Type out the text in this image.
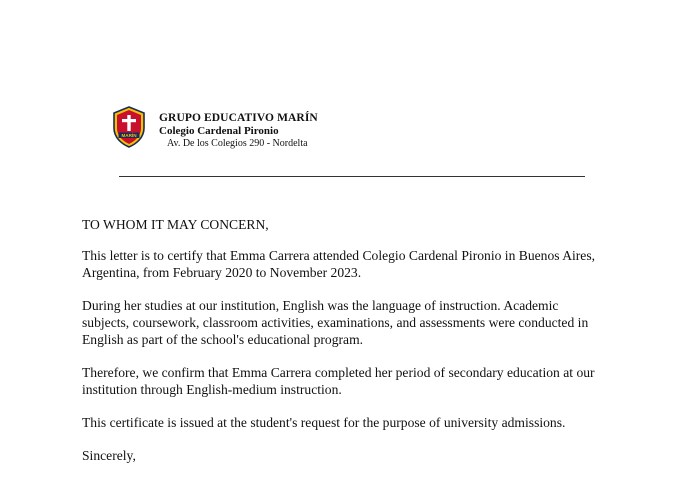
MARÍN
GRUPO EDUCATIVO MARÍN
Colegio Cardenal Pironio
Av. De los Colegios 290 - Nordelta

TO WHOM IT MAY CONCERN,

This letter is to certify that Emma Carrera attended Colegio Cardenal Pironio in Buenos Aires, Argentina, from February 2020 to November 2023.

During her studies at our institution, English was the language of instruction. Academic subjects, coursework, classroom activities, examinations, and assessments were conducted in English as part of the school's educational program.

Therefore, we confirm that Emma Carrera completed her period of secondary education at our institution through English-medium instruction.

This certificate is issued at the student's request for the purpose of university admissions.

Sincerely,
